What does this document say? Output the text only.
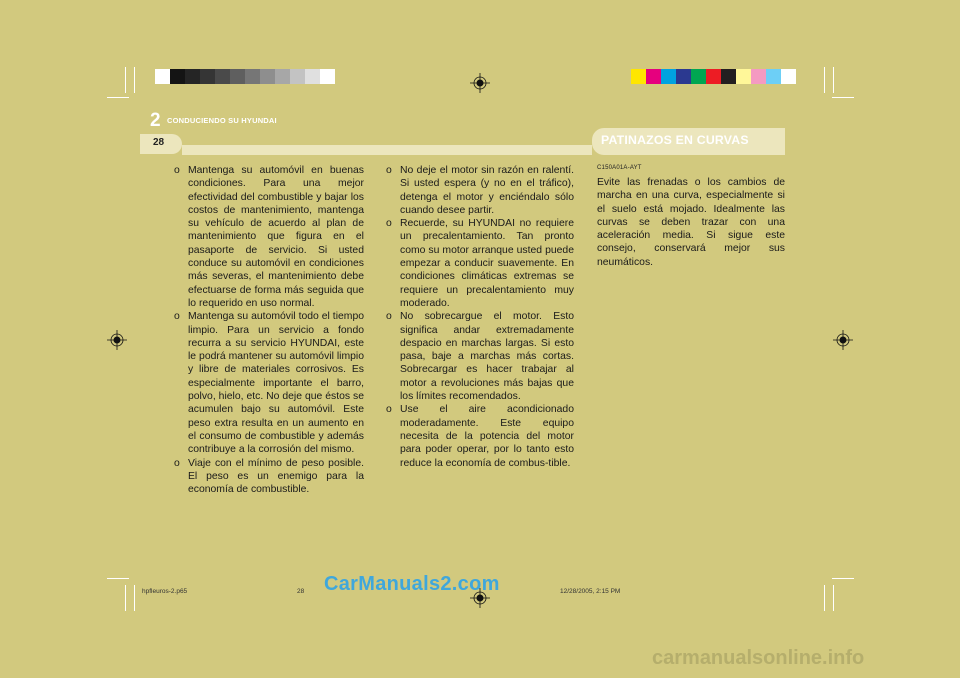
2 CONDUCIENDO SU HYUNDAI
28	PATINAZOS EN CURVAS
o Mantenga su automóvil en buenas condiciones. Para una mejor efectividad del combustible y bajar los costos de mantenimiento, mantenga su vehículo de acuerdo al plan de mantenimiento que figura en el pasaporte de servicio. Si usted conduce su automóvil en condiciones más severas, el mantenimiento debe efectuarse de forma más seguida que lo requerido en uso normal.
o Mantenga su automóvil todo el tiempo limpio. Para un servicio a fondo recurra a su servicio HYUNDAI, este le podrá mantener su automóvil limpio y libre de materiales corrosivos. Es especialmente importante el barro, polvo, hielo, etc. No deje que éstos se acumulen bajo su automóvil. Este peso extra resulta en un aumento en el consumo de combustible y además contribuye a la corrosión del mismo.
o Viaje con el mínimo de peso posible. El peso es un enemigo para la economía de combustible.
o No deje el motor sin razón en ralentí. Si usted espera (y no en el tráfico), detenga el motor y enciéndalo sólo cuando desee partir.
o Recuerde, su HYUNDAI no requiere un precalentamiento. Tan pronto como su motor arranque usted puede empezar a conducir suavemente. En condiciones climáticas extremas se requiere un precalentamiento muy moderado.
o No sobrecargue el motor. Esto significa andar extremadamente despacio en marchas largas. Si esto pasa, baje a marchas más cortas. Sobrecargar es hacer trabajar al motor a revoluciones más bajas que los límites recomendados.
o Use el aire acondicionado moderadamente. Este equipo necesita de la potencia del motor para poder operar, por lo tanto esto reduce la economía de combus-tible.
C150A01A-AYT

Evite las frenadas o los cambios de marcha en una curva, especialmente si el suelo está mojado. Idealmente las curvas se deben trazar con una aceleración media. Si sigue este consejo, conservará mejor sus neumáticos.

hpfleuros-2.p65	28	12/28/2005, 2:15 PM
CarManuals2.com
carmanualsonline.info
